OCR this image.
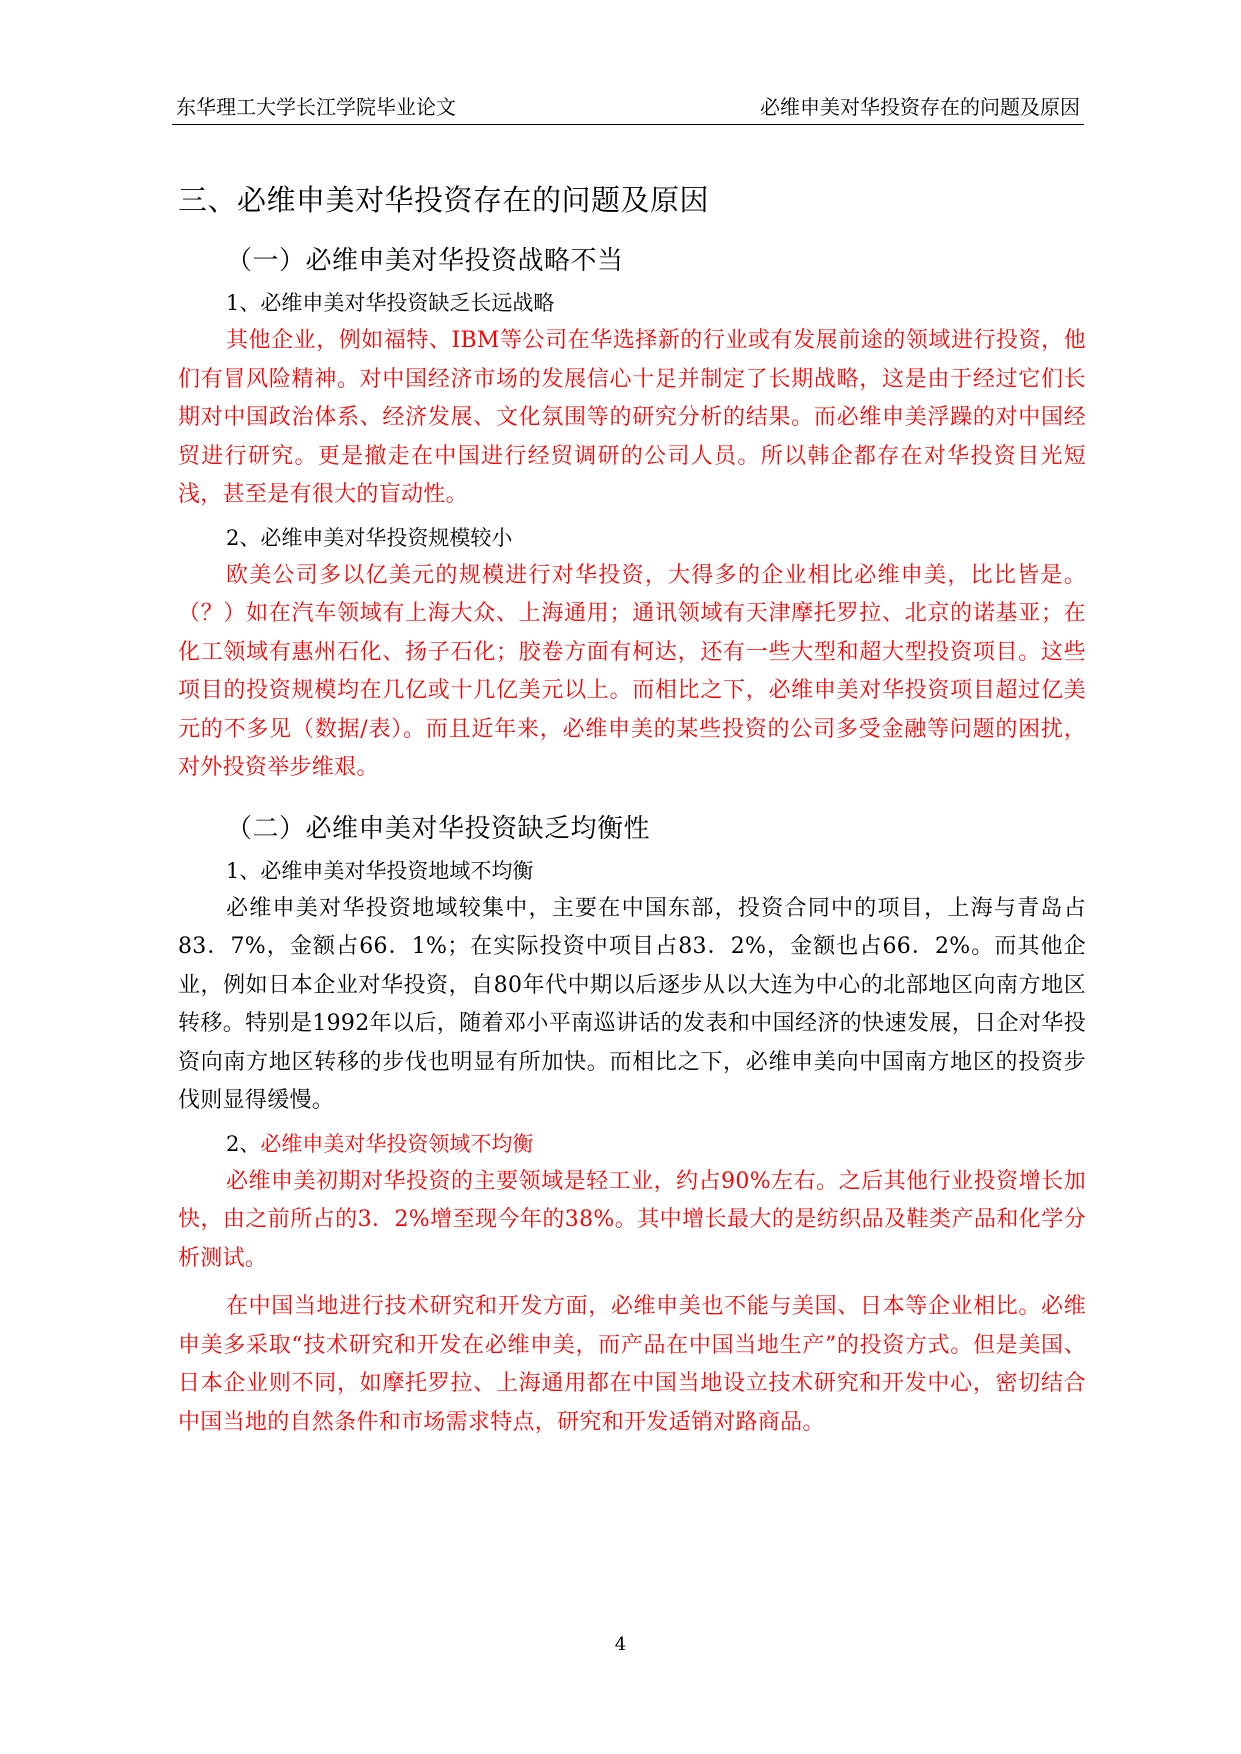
东华理工大学长江学院毕业论文	必维申美对华投资存在的问题及原因
三、必维申美对华投资存在的问题及原因
（一）必维申美对华投资战略不当
1、必维申美对华投资缺乏长远战略

其他企业，例如福特、IBM等公司在华选择新的行业或有发展前途的领域进行投资，他们有冒风险精神。对中国经济市场的发展信心十足并制定了长期战略，这是由于经过它们长期对中国政治体系、经济发展、文化氛围等的研究分析的结果。而必维申美浮躁的对中国经贸进行研究。更是撤走在中国进行经贸调研的公司人员。所以韩企都存在对华投资目光短浅，甚至是有很大的盲动性。

2、必维申美对华投资规模较小

欧美公司多以亿美元的规模进行对华投资，大得多的企业相比必维申美，比比皆是。（？）如在汽车领域有上海大众、上海通用；通讯领域有天津摩托罗拉、北京的诺基亚；在化工领域有惠州石化、扬子石化；胶卷方面有柯达，还有一些大型和超大型投资项目。这些项目的投资规模均在几亿或十几亿美元以上。而相比之下，必维申美对华投资项目超过亿美元的不多见（数据/表）。而且近年来，必维申美的某些投资的公司多受金融等问题的困扰，对外投资举步维艰。

（二）必维申美对华投资缺乏均衡性
1、必维申美对华投资地域不均衡

必维申美对华投资地域较集中，主要在中国东部，投资合同中的项目，上海与青岛占83．7%，金额占66．1%；在实际投资中项目占83．2%，金额也占66．2%。而其他企业，例如日本企业对华投资，自80年代中期以后逐步从以大连为中心的北部地区向南方地区转移。特别是1992年以后，随着邓小平南巡讲话的发表和中国经济的快速发展，日企对华投资向南方地区转移的步伐也明显有所加快。而相比之下，必维申美向中国南方地区的投资步伐则显得缓慢。

2、必维申美对华投资领域不均衡

必维申美初期对华投资的主要领域是轻工业，约占90%左右。之后其他行业投资增长加快，由之前所占的3．2%增至现今年的38%。其中增长最大的是纺织品及鞋类产品和化学分析测试。

在中国当地进行技术研究和开发方面，必维申美也不能与美国、日本等企业相比。必维申美多采取“技术研究和开发在必维申美，而产品在中国当地生产”的投资方式。但是美国、日本企业则不同，如摩托罗拉、上海通用都在中国当地设立技术研究和开发中心，密切结合中国当地的自然条件和市场需求特点，研究和开发适销对路商品。

4
